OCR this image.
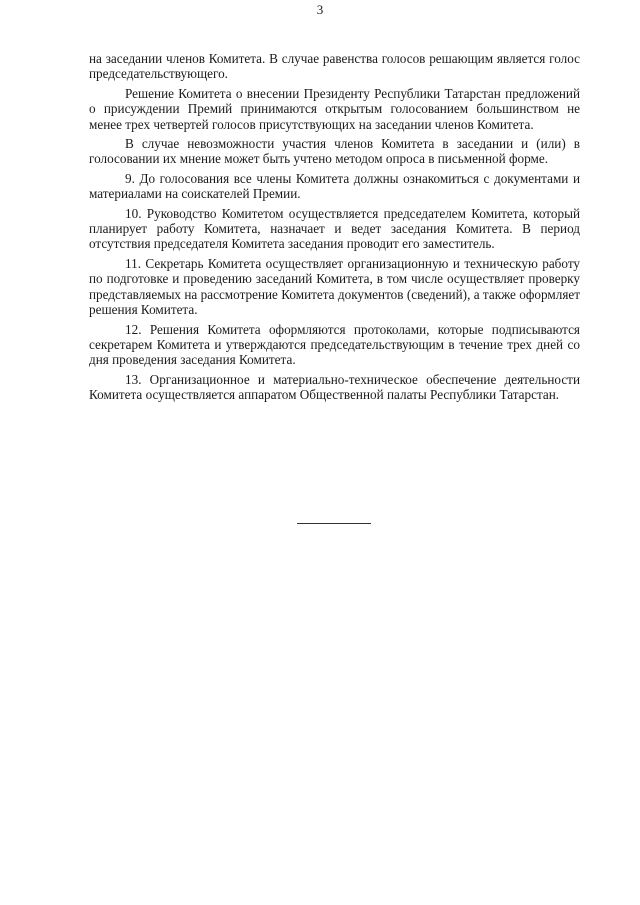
3

на заседании членов Комитета. В случае равенства голосов решающим является голос председательствующего.

Решение Комитета о внесении Президенту Республики Татарстан предложений о присуждении Премий принимаются открытым голосованием большинством не менее трех четвертей голосов присутствующих на заседании членов Комитета.

В случае невозможности участия членов Комитета в заседании и (или) в голосовании их мнение может быть учтено методом опроса в письменной форме.

9. До голосования все члены Комитета должны ознакомиться с документами и материалами на соискателей Премии.

10. Руководство Комитетом осуществляется председателем Комитета, который планирует работу Комитета, назначает и ведет заседания Комитета. В период отсутствия председателя Комитета заседания проводит его заместитель.

11. Секретарь Комитета осуществляет организационную и техническую работу по подготовке и проведению заседаний Комитета, в том числе осуществляет проверку представляемых на рассмотрение Комитета документов (сведений), а также оформляет решения Комитета.

12. Решения Комитета оформляются протоколами, которые подписываются секретарем Комитета и утверждаются председательствующим в течение трех дней со дня проведения заседания Комитета.

13. Организационное и материально-техническое обеспечение деятельности Комитета осуществляется аппаратом Общественной палаты Республики Татарстан.
